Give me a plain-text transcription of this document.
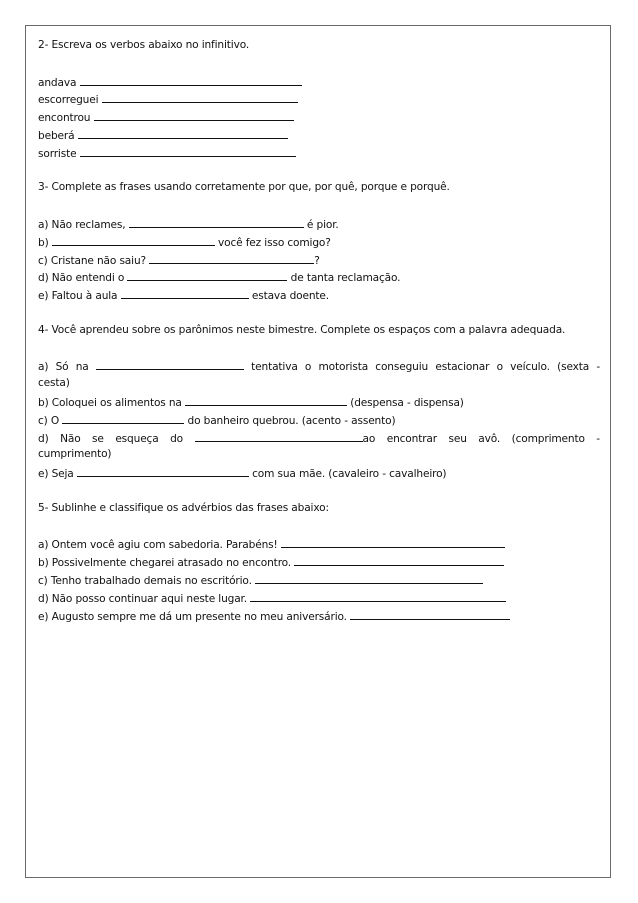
2- Escreva os verbos abaixo no infinitivo.
andava
escorreguei
encontrou
beberá
sorriste
3- Complete as frases usando corretamente por que, por quê, porque e porquê.
a) Não reclames,	é pior.
b)	você fez isso comigo?
c) Cristane não saiu?	?
d) Não entendi o	de tanta reclamação.
e) Faltou à aula	estava doente.
4- Você aprendeu sobre os parônimos neste bimestre. Complete os espaços com a palavra adequada.
a) Só na	tentativa o motorista conseguiu estacionar o veículo. (sexta -
cesta)
b) Coloquei os alimentos na	(despensa - dispensa)
c) O	do banheiro quebrou. (acento - assento)
d) Não se esqueça do	ao encontrar seu avô. (comprimento -
cumprimento)
e) Seja	com sua mãe. (cavaleiro - cavalheiro)
5- Sublinhe e classifique os advérbios das frases abaixo:
a) Ontem você agiu com sabedoria. Parabéns!
b) Possivelmente chegarei atrasado no encontro.
c) Tenho trabalhado demais no escritório.
d) Não posso continuar aqui neste lugar.
e) Augusto sempre me dá um presente no meu aniversário.
